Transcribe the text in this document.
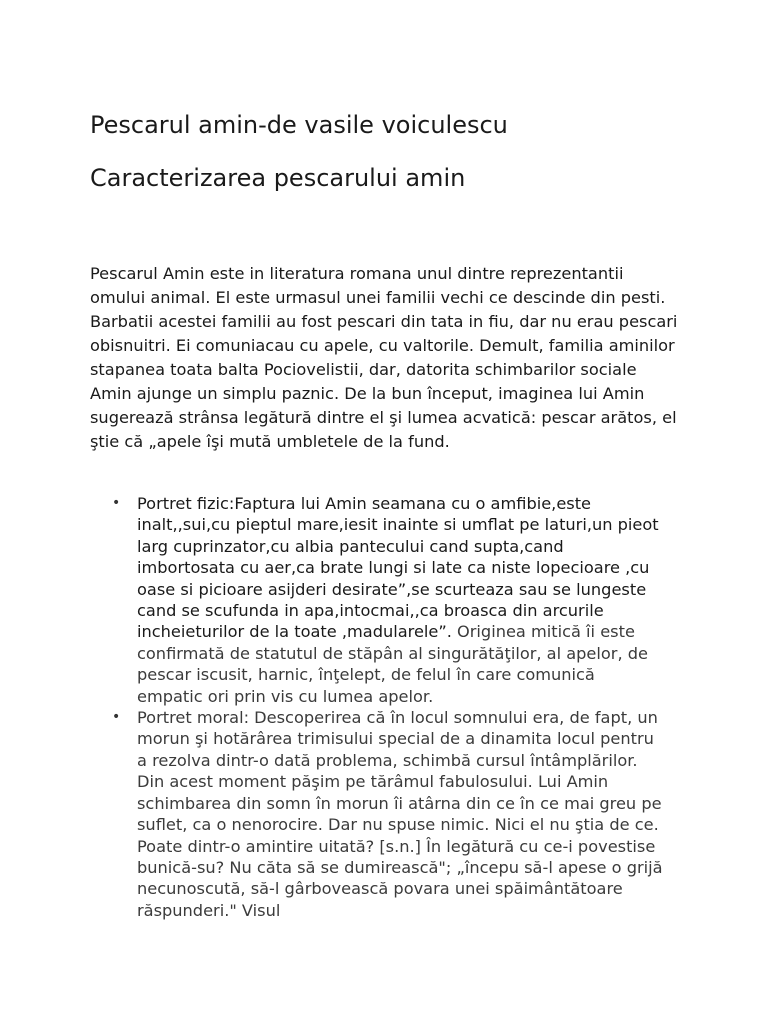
Pescarul amin-de vasile voiculescu
Caracterizarea pescarului amin

Pescarul Amin este in literatura romana unul dintre reprezentantii omului animal. El este urmasul unei familii vechi ce descinde din pesti. Barbatii acestei familii au fost pescari din tata in fiu, dar nu erau pescari obisnuitri. Ei comuniacau cu apele, cu valtorile. Demult, familia aminilor stapanea toata balta Pociovelistii, dar, datorita schimbarilor sociale Amin ajunge un simplu paznic. De la bun început, imaginea lui Amin sugerează strânsa legătură dintre el şi lumea acvatică: pescar arătos, el ştie că „apele îşi mută umbletele de la fund.

• Portret fizic:Faptura lui Amin seamana cu o amfibie,este inalt,,sui,cu pieptul mare,iesit inainte si umflat pe laturi,un pieot larg cuprinzator,cu albia pantecului cand supta,cand imbortosata cu aer,ca brate lungi si late ca niste lopecioare ,cu oase si picioare asijderi desirate”,se scurteaza sau se lungeste cand se scufunda in apa,intocmai,,ca broasca din arcurile incheieturilor de la toate ,madularele”. Originea mitică îi este confirmată de statutul de stăpân al singurătăţilor, al apelor, de pescar iscusit, harnic, înţelept, de felul în care comunică empatic ori prin vis cu lumea apelor.
• Portret moral: Descoperirea că în locul somnului era, de fapt, un morun şi hotărârea trimisului special de a dinamita locul pentru a rezolva dintr-o dată problema, schimbă cursul întâmplărilor. Din acest moment păşim pe tărâmul fabulosului. Lui Amin schimbarea din somn în morun îi atârna din ce în ce mai greu pe suflet, ca o nenorocire. Dar nu spuse nimic. Nici el nu ştia de ce. Poate dintr-o amintire uitată? [s.n.] În legătură cu ce-i povestise bunică-su? Nu căta să se dumirească"; „începu să-l apese o grijă necunoscută, să-l gârbovească povara unei spăimântătoare răspunderi." Visul
